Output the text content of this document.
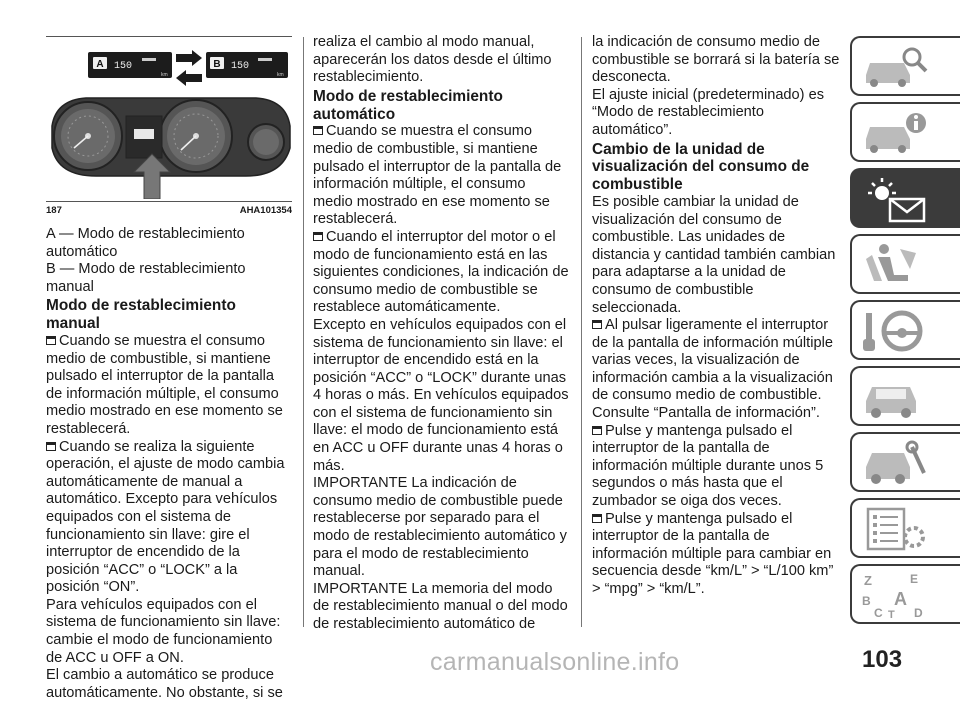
A 150
km
B 150
km
187	AHA101354

A — Modo de restablecimiento automático

B — Modo de restablecimiento manual

Modo de restablecimiento manual

Cuando se muestra el consumo medio de combustible, si mantiene pulsado el interruptor de la pantalla de información múltiple, el consumo medio mostrado en ese momento se restablecerá.

Cuando se realiza la siguiente operación, el ajuste de modo cambia automáticamente de manual a automático. Excepto para vehículos equipados con el sistema de funcionamiento sin llave: gire el interruptor de encendido de la posición “ACC” o “LOCK” a la posición “ON”.

Para vehículos equipados con el sistema de funcionamiento sin llave: cambie el modo de funcionamiento de ACC u OFF a ON.

El cambio a automático se produce automáticamente. No obstante, si se

realiza el cambio al modo manual, aparecerán los datos desde el último restablecimiento.

Modo de restablecimiento automático

Cuando se muestra el consumo medio de combustible, si mantiene pulsado el interruptor de la pantalla de información múltiple, el consumo medio mostrado en ese momento se restablecerá.

Cuando el interruptor del motor o el modo de funcionamiento está en las siguientes condiciones, la indicación de consumo medio de combustible se restablece automáticamente.

Excepto en vehículos equipados con el sistema de funcionamiento sin llave: el interruptor de encendido está en la posición “ACC” o “LOCK” durante unas 4 horas o más. En vehículos equipados con el sistema de funcionamiento sin llave: el modo de funcionamiento está en ACC u OFF durante unas 4 horas o más.

IMPORTANTE La indicación de consumo medio de combustible puede restablecerse por separado para el modo de restablecimiento automático y para el modo de restablecimiento manual.

IMPORTANTE La memoria del modo de restablecimiento manual o del modo de restablecimiento automático de

la indicación de consumo medio de combustible se borrará si la batería se desconecta.

El ajuste inicial (predeterminado) es “Modo de restablecimiento automático”.

Cambio de la unidad de visualización del consumo de combustible

Es posible cambiar la unidad de visualización del consumo de combustible. Las unidades de distancia y cantidad también cambian para adaptarse a la unidad de consumo de combustible seleccionada.

Al pulsar ligeramente el interruptor de la pantalla de información múltiple varias veces, la visualización de información cambia a la visualización de consumo medio de combustible. Consulte “Pantalla de información”.

Pulse y mantenga pulsado el interruptor de la pantalla de información múltiple durante unos 5 segundos o más hasta que el zumbador se oiga dos veces.

Pulse y mantenga pulsado el interruptor de la pantalla de información múltiple para cambiar en secuencia desde “km/L” > “L/100 km” > “mpg” > “km/L”.

Z	E
B A
C T D
103
carmanualsonline.info
